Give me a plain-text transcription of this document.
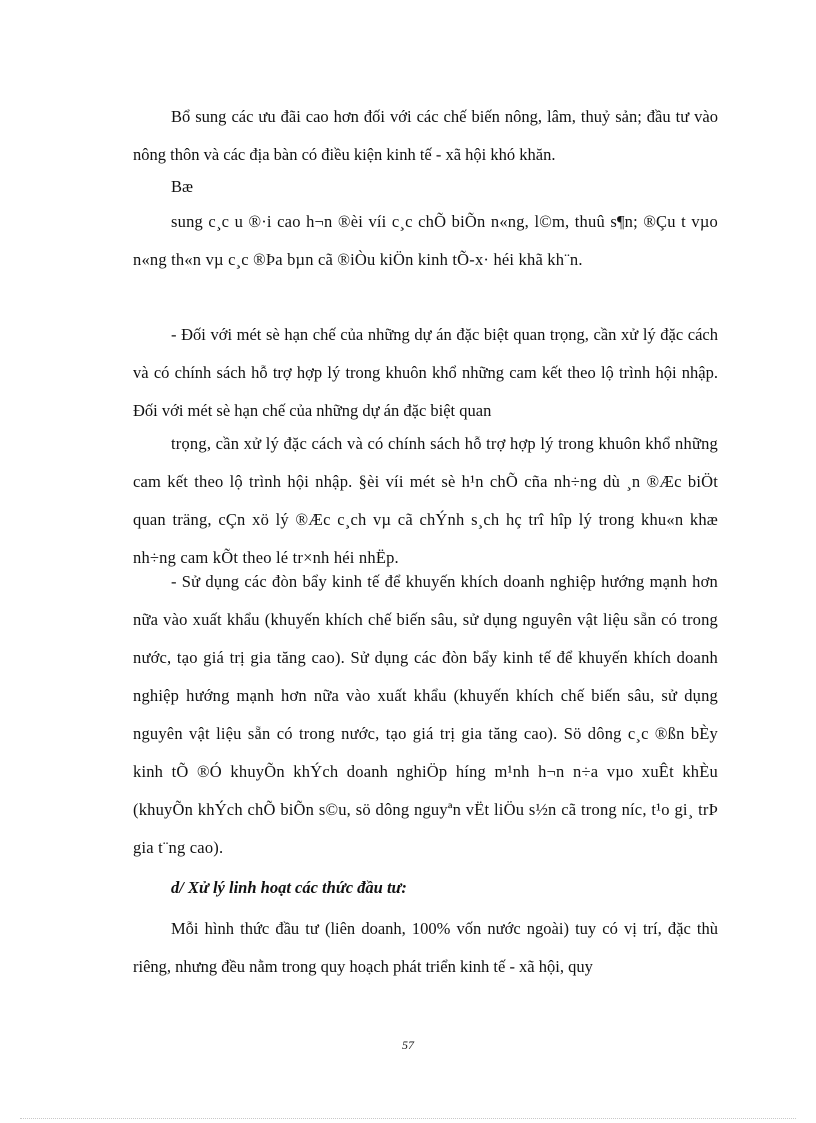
Bổ sung các ưu đãi cao hơn đối với các chế biến nông, lâm, thuỷ sản; đầu tư vào nông thôn và các địa bàn có điều kiện kinh tế - xã hội khó khăn.

Bæ

sung c¸c u ®·i cao h¬n ®èi víi c¸c chÕ biÕn n«ng, l©m, thuû s¶n; ®Çu t vµo n«ng th«n vµ c¸c ®Þa bµn cã ®iÒu kiÖn kinh tÕ-x· héi khã kh¨n.

- Đối với mét sè hạn chế của những dự án đặc biệt quan trọng, cần xử lý đặc cách và có chính sách hỗ trợ hợp lý trong khuôn khổ những cam kết theo lộ trình hội nhập. Đối với mét sè hạn chế của những dự án đặc biệt quan

trọng, cần xử lý đặc cách và có chính sách hỗ trợ hợp lý trong khuôn khổ những cam kết theo lộ trình hội nhập. §èi víi mét sè h¹n chÕ cña nh÷ng dù ¸n ®Æc biÖt quan träng, cÇn xö lý ®Æc c¸ch vµ cã chÝnh s¸ch hç trî hîp lý trong khu«n khæ nh÷ng cam kÕt theo lé tr×nh héi nhËp.

- Sử dụng các đòn bẩy kinh tế để khuyến khích doanh nghiệp hướng mạnh hơn nữa vào xuất khẩu (khuyến khích chế biến sâu, sử dụng nguyên vật liệu sẵn có trong nước, tạo giá trị gia tăng cao). Sử dụng các đòn bẩy kinh tế để khuyến khích doanh nghiệp hướng mạnh hơn nữa vào xuất khẩu (khuyến khích chế biến sâu, sử dụng nguyên vật liệu sẵn có trong nước, tạo giá trị gia tăng cao). Sö dông c¸c ®ßn bÈy kinh tÕ ®Ó khuyÕn khÝch doanh nghiÖp híng m¹nh h¬n n÷a vµo xuÊt khÈu (khuyÕn khÝch chÕ biÕn s©u, sö dông nguyªn vËt liÖu s½n cã trong níc, t¹o gi¸ trÞ gia t¨ng cao).

d/ Xử lý linh hoạt các thức đầu tư:

Mỗi hình thức đầu tư (liên doanh, 100% vốn nước ngoài) tuy có vị trí, đặc thù riêng, nhưng đều nằm trong quy hoạch phát triển kinh tế - xã hội, quy

57
